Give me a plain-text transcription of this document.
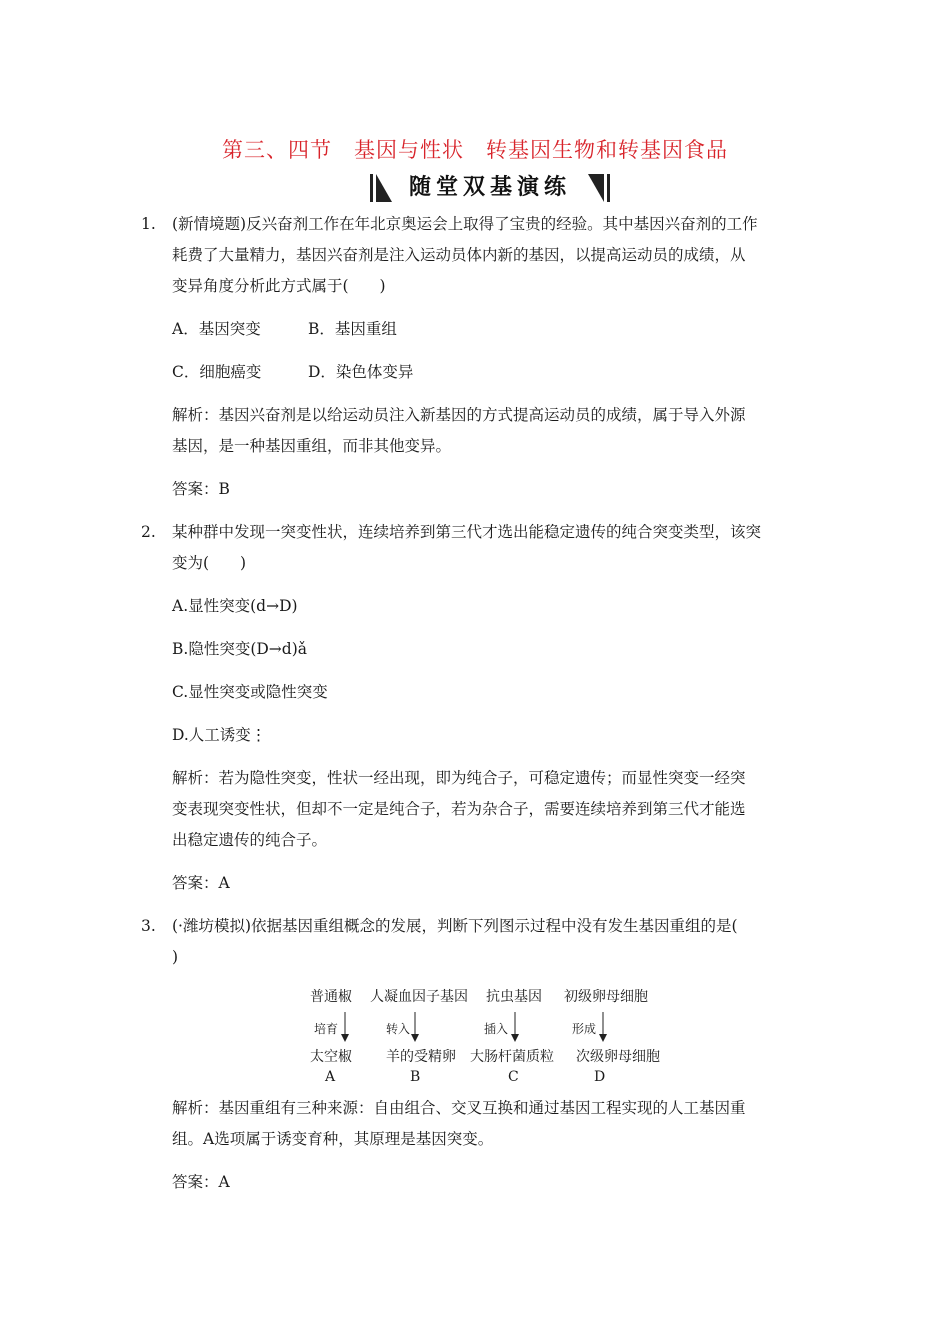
第三、四节　基因与性状　转基因生物和转基因食品
随堂双基演练
1. (新情境题)反兴奋剂工作在年北京奥运会上取得了宝贵的经验。其中基因兴奋剂的工作
耗费了大量精力，基因兴奋剂是注入运动员体内新的基因，以提高运动员的成绩，从
变异角度分析此方式属于(　　)
A．基因突变	B．基因重组
C．细胞癌变	D．染色体变异
解析：基因兴奋剂是以给运动员注入新基因的方式提高运动员的成绩，属于导入外源
基因，是一种基因重组，而非其他变异。
答案：B
2. 某种群中发现一突变性状，连续培养到第三代才选出能稳定遗传的纯合突变类型，该突
变为(　　)
A.显性突变(d→D)
B.隐性突变(D→d)ǎ
C.显性突变或隐性突变
D.人工诱变⋮
解析：若为隐性突变，性状一经出现，即为纯合子，可稳定遗传；而显性突变一经突
变表现突变性状，但却不一定是纯合子，若为杂合子，需要连续培养到第三代才能选
出稳定遗传的纯合子。
答案：A
3. (·潍坊模拟)依据基因重组概念的发展，判断下列图示过程中没有发生基因重组的是(
)
普通椒
培育
太空椒
A
人凝血因子基因
转入
羊的受精卵
B
抗虫基因
插入
大肠杆菌质粒
C
初级卵母细胞
形成
次级卵母细胞
D
解析：基因重组有三种来源：自由组合、交叉互换和通过基因工程实现的人工基因重
组。A选项属于诱变育种，其原理是基因突变。
答案：A
